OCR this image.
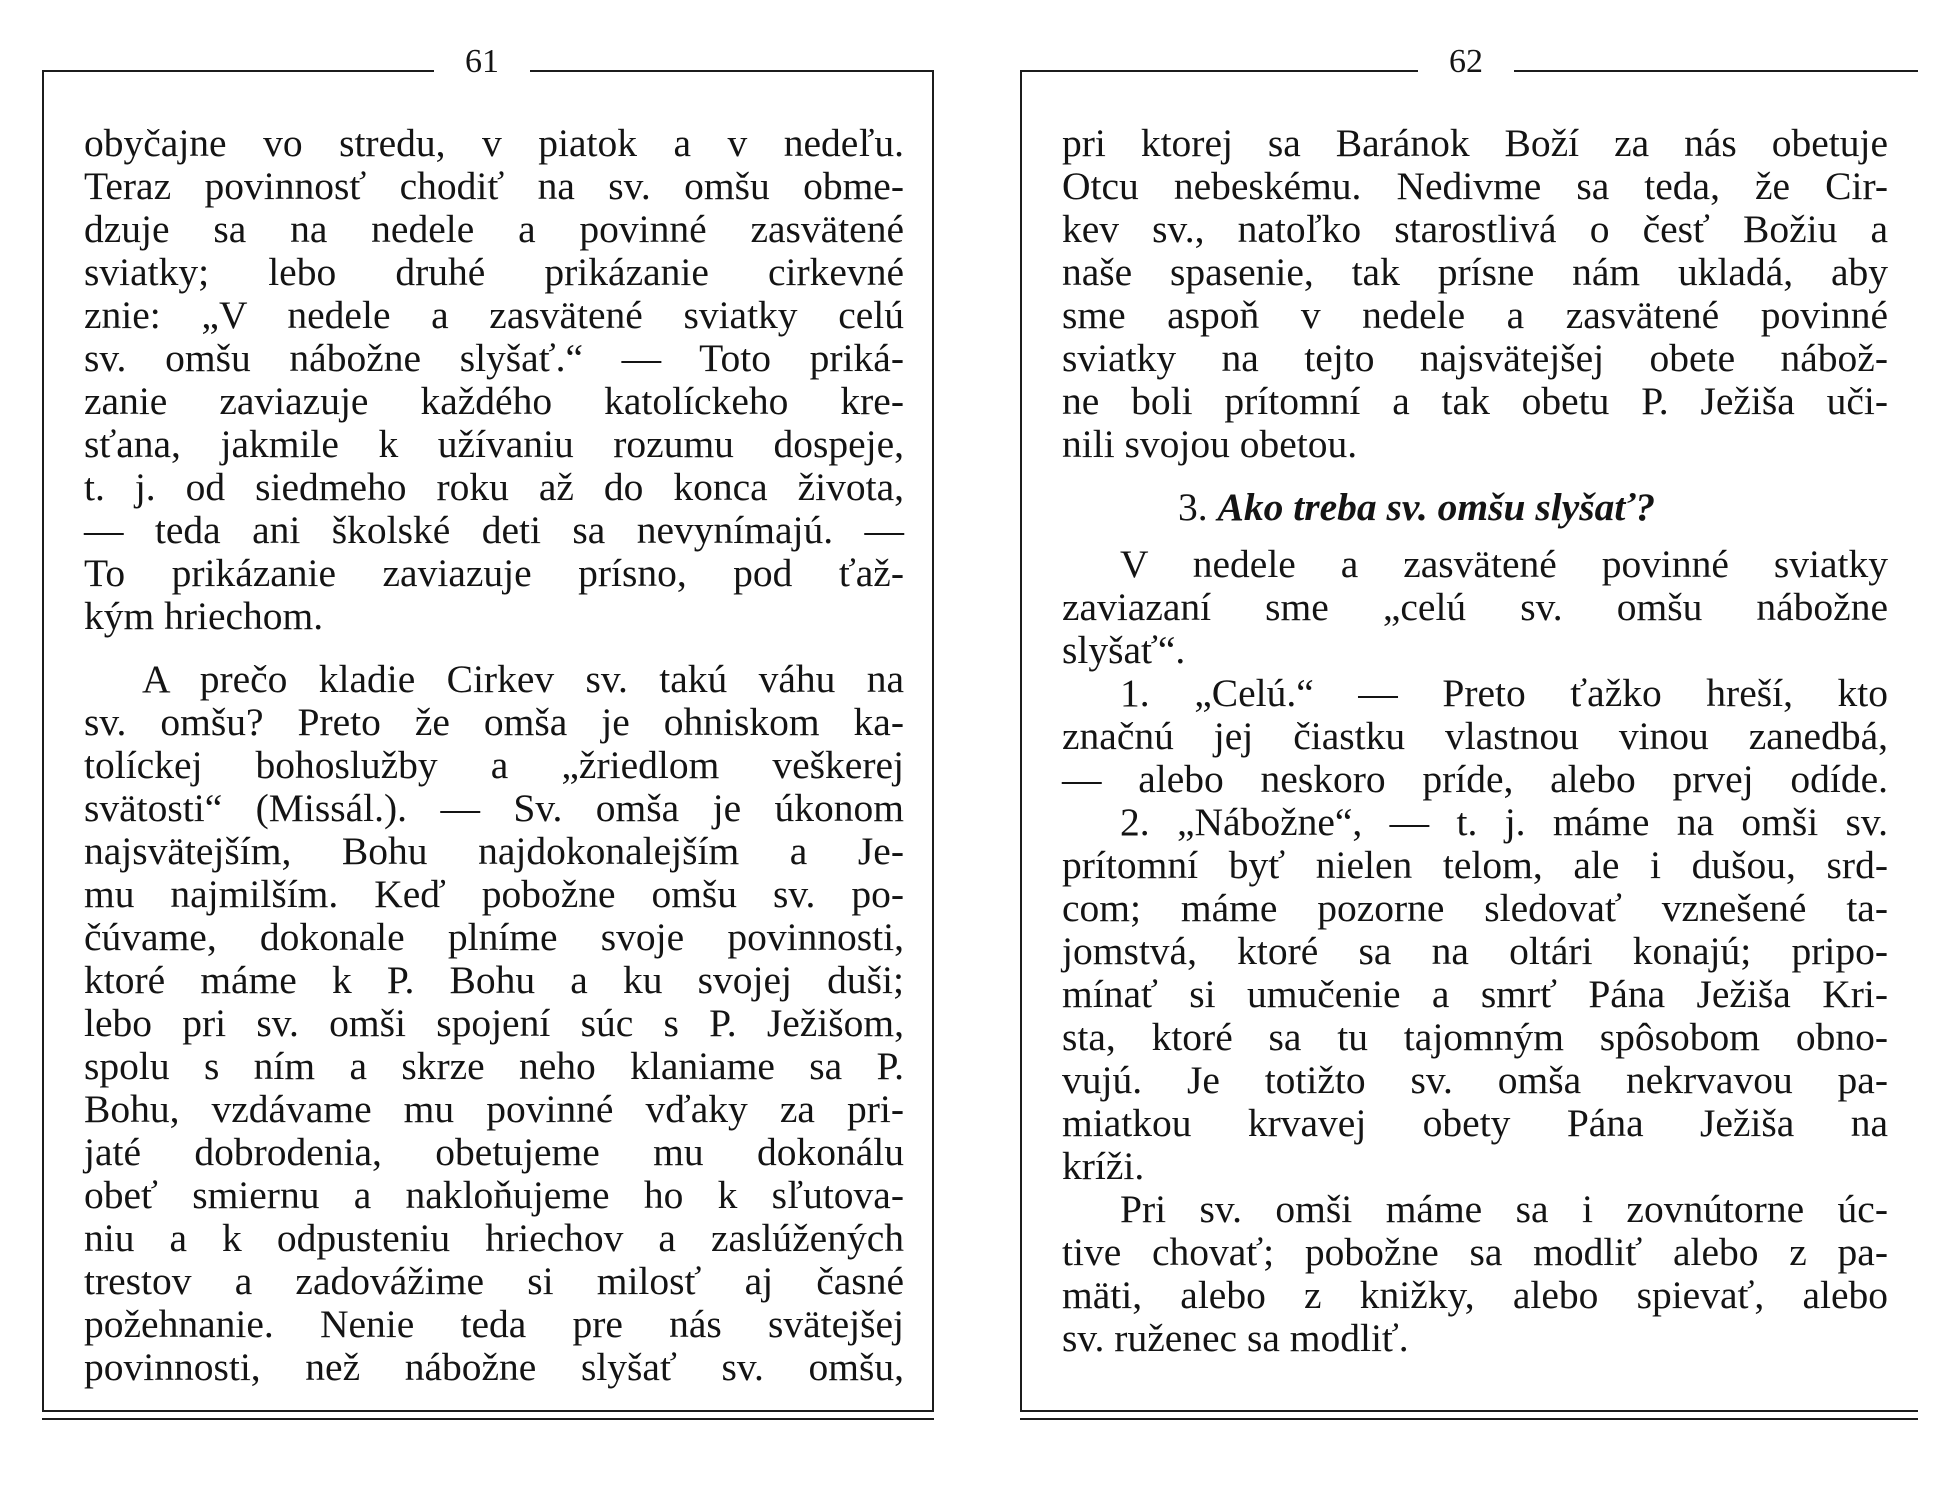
61

obyčajne vo stredu, v piatok a v nedeľu.
Teraz povinnosť chodiť na sv. omšu obme-
dzuje sa na nedele a povinné zasvätené
sviatky; lebo druhé prikázanie cirkevné
znie: „V nedele a zasvätené sviatky celú
sv. omšu nábožne slyšať.“ — Toto priká-
zanie zaviazuje každého katolíckeho kre-
sťana, jakmile k užívaniu rozumu dospeje,
t. j. od siedmeho roku až do konca života,
— teda ani školské deti sa nevynímajú. —
To prikázanie zaviazuje prísno, pod ťaž-
kým hriechom.

A prečo kladie Cirkev sv. takú váhu na
sv. omšu? Preto že omša je ohniskom ka-
tolíckej bohoslužby a „žriedlom veškerej
svätosti“ (Missál.). — Sv. omša je úkonom
najsvätejším, Bohu najdokonalejším a Je-
mu najmilším. Keď pobožne omšu sv. po-
čúvame, dokonale plníme svoje povinnosti,
ktoré máme k P. Bohu a ku svojej duši;
lebo pri sv. omši spojení súc s P. Ježišom,
spolu s ním a skrze neho klaniame sa P.
Bohu, vzdávame mu povinné vďaky za pri-
jaté dobrodenia, obetujeme mu dokonálu
obeť smiernu a nakloňujeme ho k sľutova-
niu a k odpusteniu hriechov a zaslúžených
trestov a zadovážime si milosť aj časné
požehnanie. Nenie teda pre nás svätejšej
povinnosti, než nábožne slyšať sv. omšu,

62

pri ktorej sa Baránok Boží za nás obetuje
Otcu nebeskému. Nedivme sa teda, že Cir-
kev sv., natoľko starostlivá o česť Božiu a
naše spasenie, tak prísne nám ukladá, aby
sme aspoň v nedele a zasvätené povinné
sviatky na tejto najsvätejšej obete nábož-
ne boli prítomní a tak obetu P. Ježiša uči-
nili svojou obetou.

3. Ako treba sv. omšu slyšať?

V nedele a zasvätené povinné sviatky
zaviazaní sme „celú sv. omšu nábožne
slyšať“.

1. „Celú.“ — Preto ťažko hreší, kto
značnú jej čiastku vlastnou vinou zanedbá,
— alebo neskoro príde, alebo prvej odíde.

2. „Nábožne“, — t. j. máme na omši sv.
prítomní byť nielen telom, ale i dušou, srd-
com; máme pozorne sledovať vznešené ta-
jomstvá, ktoré sa na oltári konajú; pripo-
mínať si umučenie a smrť Pána Ježiša Kri-
sta, ktoré sa tu tajomným spôsobom obno-
vujú. Je totižto sv. omša nekrvavou pa-
miatkou krvavej obety Pána Ježiša na
kríži.

Pri sv. omši máme sa i zovnútorne úc-
tive chovať; pobožne sa modliť alebo z pa-
mäti, alebo z knižky, alebo spievať, alebo
sv. ruženec sa modliť.
